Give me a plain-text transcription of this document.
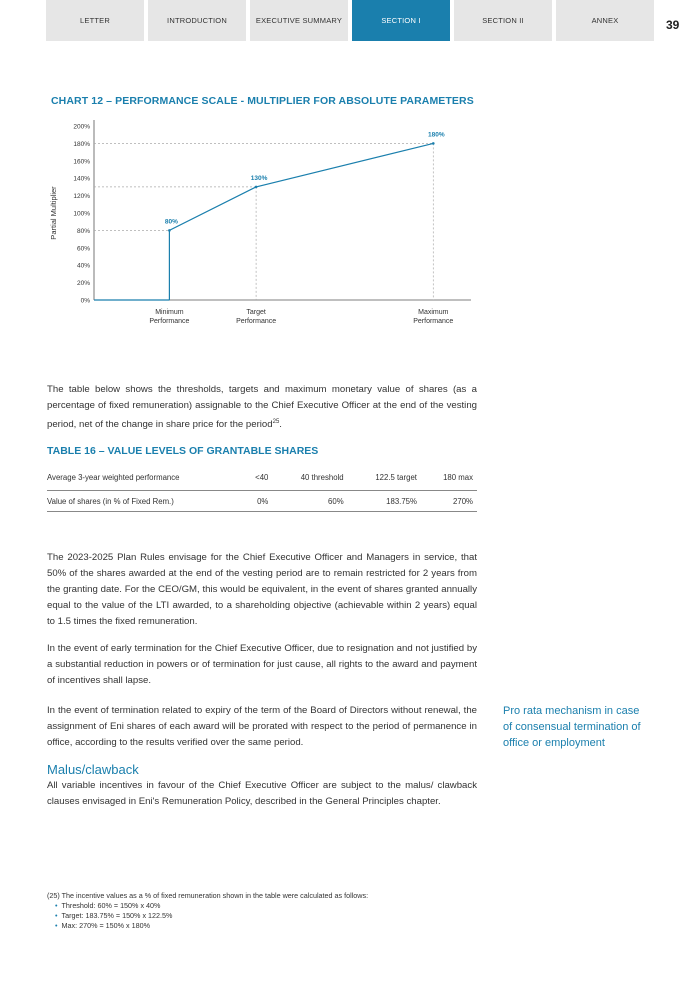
LETTER	INTRODUCTION	EXECUTIVE SUMMARY	SECTION I	SECTION II	ANNEX	39
CHART 12 – PERFORMANCE SCALE - MULTIPLIER FOR ABSOLUTE PARAMETERS
0%
20%
40%
60%
80%
100%
120%
140%
160%
180%
200%
Partial Multiplier	80%
130%
180%
Minimum
Performance
Target
Performance
Maximum
Performance

The table below shows the thresholds, targets and maximum monetary value of shares (as a percentage of fixed remuneration) assignable to the Chief Executive Officer at the end of the vesting period, net of the change in share price for the period$^{25}$.

TABLE 16 – VALUE LEVELS OF GRANTABLE SHARES
Average 3-year weighted performance	<40	40 threshold	122.5 target	180 max
Value of shares (in % of Fixed Rem.)	0%	60%	183.75%	270%

The 2023-2025 Plan Rules envisage for the Chief Executive Officer and Managers in service, that 50% of the shares awarded at the end of the vesting period are to remain restricted for 2 years from the granting date. For the CEO/GM, this would be equivalent, in the event of shares granted annually equal to the value of the LTI awarded, to a shareholding objective (achievable within 2 years) equal to 1.5 times the fixed remuneration.

In the event of early termination for the Chief Executive Officer, due to resignation and not justified by a substantial reduction in powers or of termination for just cause, all rights to the award and payment of incentives shall lapse.

In the event of termination related to expiry of the term of the Board of Directors without renewal, the assignment of Eni shares of each award will be prorated with respect to the period of permanence in office, according to the results verified over the same period.

Pro rata mechanism in case of consensual termination of office or employment
Malus/clawback

All variable incentives in favour of the Chief Executive Officer are subject to the malus/ clawback clauses envisaged in Eni's Remuneration Policy, described in the General Principles chapter.

(25) The incentive values as a % of fixed remuneration shown in the table were calculated as follows:
• Threshold: 60% = 150% x 40%
• Target: 183.75% = 150% x 122.5%
• Max: 270% = 150% x 180%
